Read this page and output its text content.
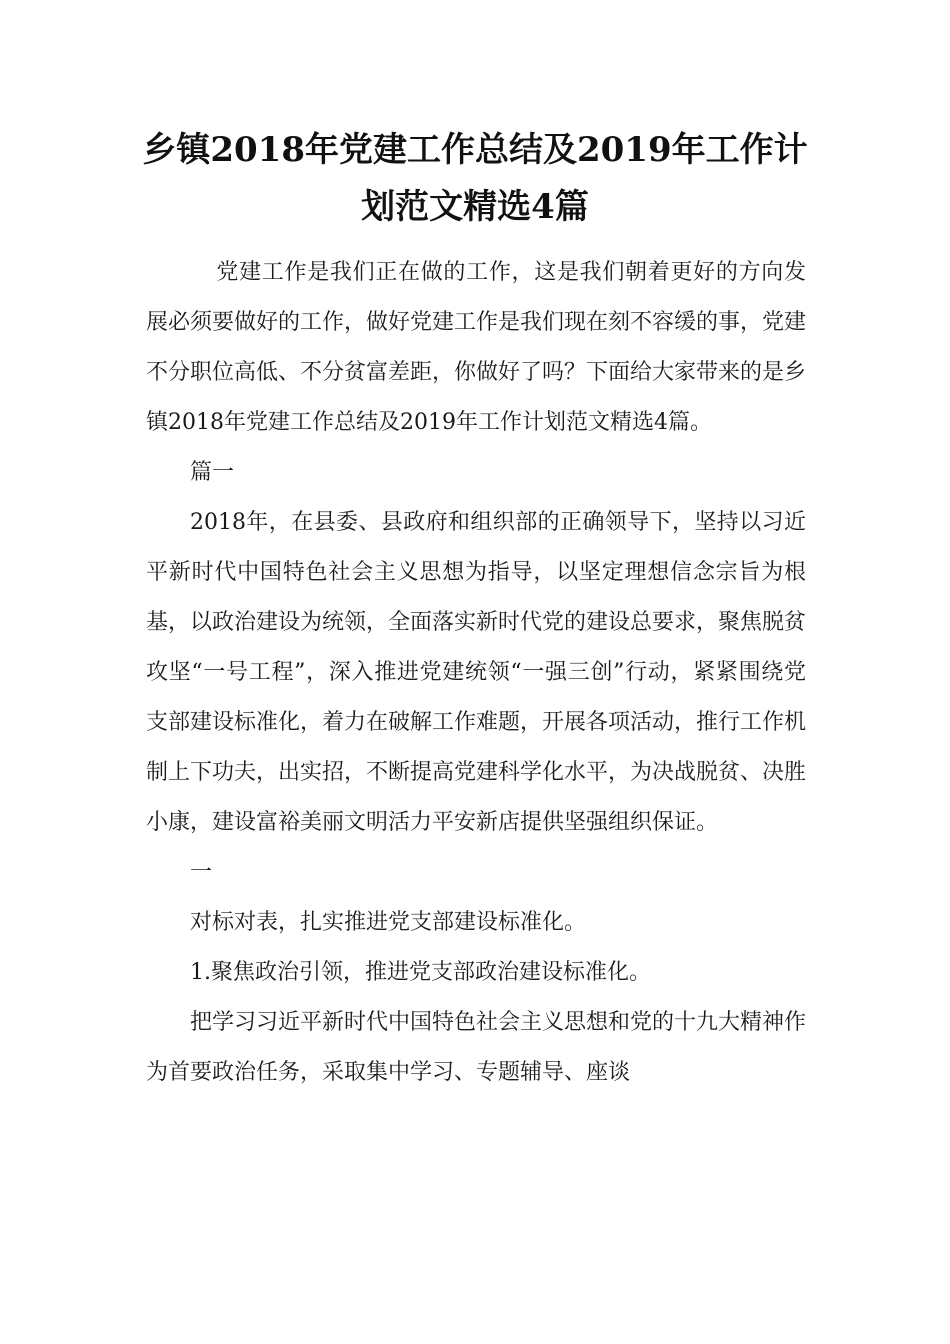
乡镇2018年党建工作总结及2019年工作计
划范文精选4篇

党建工作是我们正在做的工作，这是我们朝着更好的方向发展必须要做好的工作，做好党建工作是我们现在刻不容缓的事，党建不分职位高低、不分贫富差距，你做好了吗？下面给大家带来的是乡镇2018年党建工作总结及2019年工作计划范文精选4篇。

篇一

2018年，在县委、县政府和组织部的正确领导下，坚持以习近平新时代中国特色社会主义思想为指导，以坚定理想信念宗旨为根基，以政治建设为统领，全面落实新时代党的建设总要求，聚焦脱贫攻坚“一号工程”，深入推进党建统领“一强三创”行动，紧紧围绕党支部建设标准化，着力在破解工作难题，开展各项活动，推行工作机制上下功夫，出实招，不断提高党建科学化水平，为决战脱贫、决胜小康，建设富裕美丽文明活力平安新店提供坚强组织保证。

一

对标对表，扎实推进党支部建设标准化。

1.聚焦政治引领，推进党支部政治建设标准化。

把学习习近平新时代中国特色社会主义思想和党的十九大精神作为首要政治任务，采取集中学习、专题辅导、座谈
